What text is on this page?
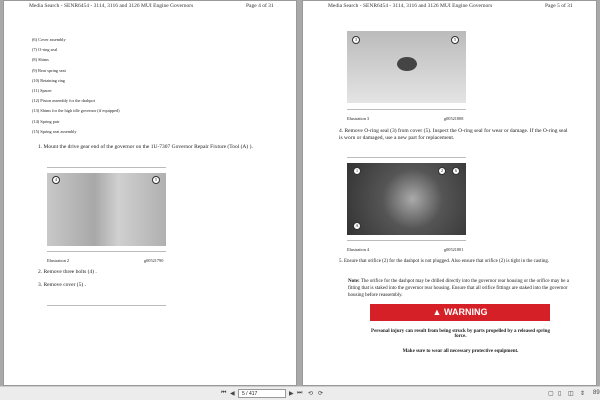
Media Search - SENR6454 - 3114, 3116 and 3126 MUI Engine Governors	Page 4 of 31
(6) Cover assembly
(7) O-ring seal
(8) Shims
(9) Rear spring seat
(10) Retaining ring
(11) Spacer
(12) Piston assembly for the dashpot
(13) Shims for the high idle governor (if equipped)
(14) Spring pair
(15) Spring seat assembly
1. Mount the drive gear end of the governor on the 1U-7307 Governor Repair Fixture (Tool (A) ).
4	5
Illustration 2	g00521790
2. Remove three bolts (4) .
3. Remove cover (5) .
Media Search - SENR6454 - 3114, 3116 and 3126 MUI Engine Governors	Page 5 of 31
3	5
Illustration 3	g00521808
4. Remove O-ring seal (3) from cover (5). Inspect the O-ring seal for wear or damage. If the O-ring seal is worn or damaged, use a new part for replacement.
1	2	6
A
Illustration 4	g00521801
5. Ensure that orifice (2) for the dashpot is not plugged. Also ensure that orifice (2) is tight in the casting.
Note: The orifice for the dashpot may be drilled directly into the governor rear housing or the orifice may be a fitting that is staked into the governor rear housing. Ensure that all orifice fittings are staked into the governor housing before reassembly.
▲ WARNING
Personal injury can result from being struck by parts propelled by a released spring force.
Make sure to wear all necessary protective equipment.
⏮ ◀	5 / 417	▶ ⏭ ⟲ ⟳	▢ ▯ ◫ ⇕ 89
